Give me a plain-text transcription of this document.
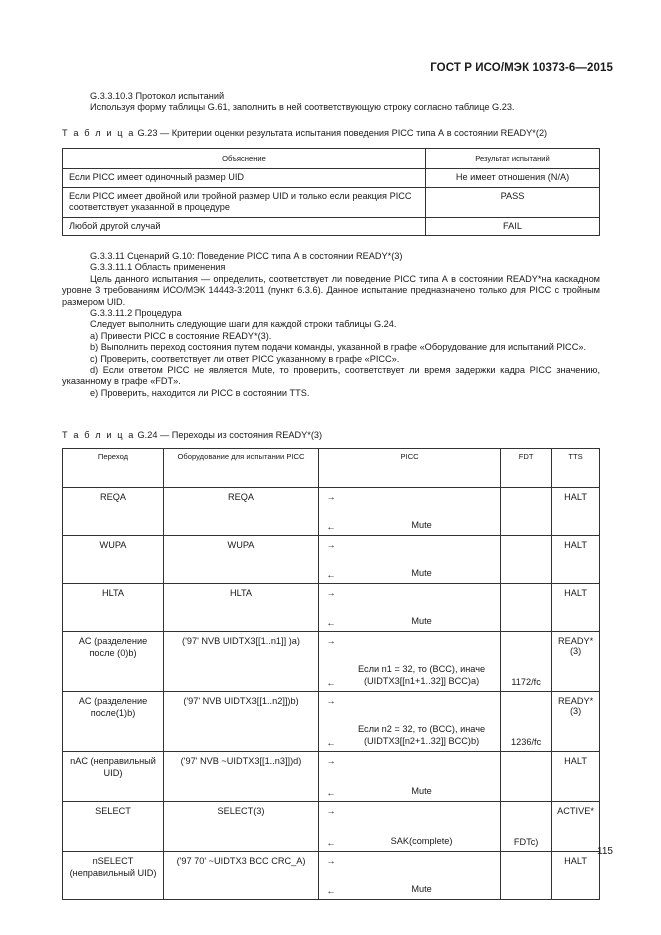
ГОСТ Р ИСО/МЭК 10373-6—2015
G.3.3.10.3 Протокол испытаний
Используя форму таблицы G.61, заполнить в ней соответствующую строку согласно таблице G.23.
Т а б л и ц а G.23 — Критерии оценки результата испытания поведения PICC типа А в состоянии READY*(2)
Объяснение	Результат испытаний
Если PICC имеет одиночный размер UID	Не имеет отношения (N/A)
Если PICC имеет двойной или тройной размер UID и только если реакция PICC соответствует указанной в процедуре	PASS
Любой другой случай	FAIL
G.3.3.11 Сценарий G.10: Поведение PICC типа А в состоянии READY*(3)
G.3.3.11.1 Область применения
Цель данного испытания — определить, соответствует ли поведение PICC типа А в состоянии READY*на каскадном уровне 3 требованиям ИСО/МЭК 14443-3:2011 (пункт 6.3.6). Данное испытание предназначено только для PICC с тройным размером UID.
G.3.3.11.2 Процедура
Следует выполнить следующие шаги для каждой строки таблицы G.24.
a) Привести PICC в состояние READY*(3).
b) Выполнить переход состояния путем подачи команды, указанной в графе «Оборудование для испытаний PICC».
c) Проверить, соответствует ли ответ PICC указанному в графе «PICC».
d) Если ответом PICC не является Mute, то проверить, соответствует ли время задержки кадра PICC значению, указанному в графе «FDT».
e) Проверить, находится ли PICC в состоянии TTS.
Т а б л и ц а G.24 — Переходы из состояния READY*(3)
Переход	Оборудование для испытании PICC	PICC		FDT	TTS
REQA	REQA	→			HALT
		←	Mute		
WUPA	WUPA	→			HALT
		←	Mute		
HLTA	HLTA	→			HALT
		←	Mute		
AC (разделение после (0)b)	('97' NVB UIDTX3[[1..n1]] )a)	→			READY*(3)
		←	Если n1 = 32, то (BCC), иначе (UIDTX3[[n1+1..32]] BCC)a)	1172/fc	
AC (разделение после(1)b)	('97' NVB UIDTX3[[1..n2]])b)	→			READY*(3)
		←	Если n2 = 32, то (BCC), иначе (UIDTX3[[n2+1..32]] BCC)b)	1236/fc	
nAC (неправильный UID)	('97' NVB ~UIDTX3[[1..n3]])d)	→			HALT
		←	Mute		
SELECT	SELECT(3)	→			ACTIVE*
		←	SAK(complete)	FDTc)	
nSELECT (неправильный UID)	('97 70' ~UIDTX3 BCC CRC_A)	→			HALT
		←	Mute		
115
